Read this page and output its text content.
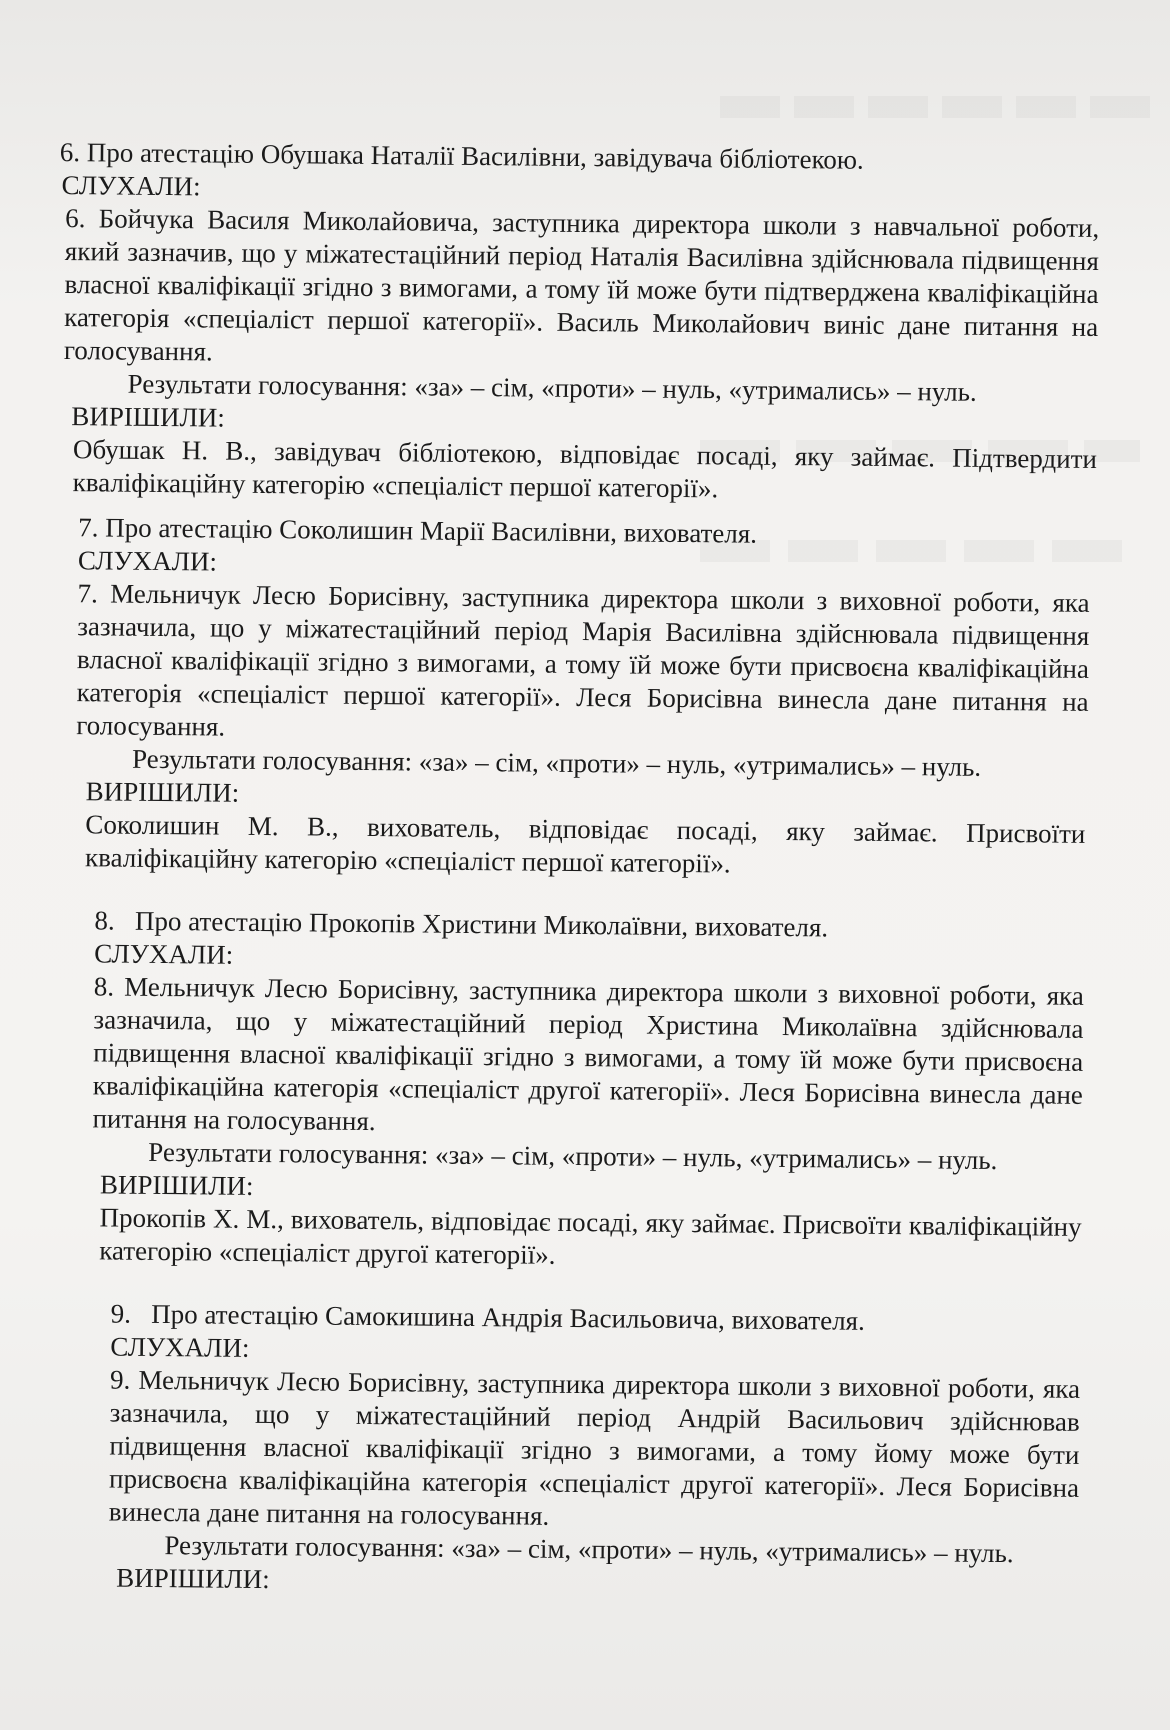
6. Про атестацію Обушака Наталії Василівни, завідувача бібліотекою.
СЛУХАЛИ:

6. Бойчука Василя Миколайовича, заступника директора школи з навчальної роботи, який зазначив, що у міжатестаційний період Наталія Василівна здійснювала підвищення власної кваліфікації згідно з вимогами, а тому їй може бути підтверджена кваліфікаційна категорія «спеціаліст першої категорії». Василь Миколайович виніс дане питання на голосування.

Результати голосування: «за» – сім, «проти» – нуль, «утримались» – нуль.
ВИРІШИЛИ:

Обушак Н. В., завідувач бібліотекою, відповідає посаді, яку займає. Підтвердити кваліфікаційну категорію «спеціаліст першої категорії».

7. Про атестацію Соколишин Марії Василівни, вихователя.
СЛУХАЛИ:

7. Мельничук Лесю Борисівну, заступника директора школи з виховної роботи, яка зазначила, що у міжатестаційний період Марія Василівна здійснювала підвищення власної кваліфікації згідно з вимогами, а тому їй може бути присвоєна кваліфікаційна категорія «спеціаліст першої категорії». Леся Борисівна винесла дане питання на голосування.

Результати голосування: «за» – сім, «проти» – нуль, «утримались» – нуль.
ВИРІШИЛИ:

Соколишин М. В., вихователь, відповідає посаді, яку займає. Присвоїти кваліфікаційну категорію «спеціаліст першої категорії».

8.   Про атестацію Прокопів Христини Миколаївни, вихователя.
СЛУХАЛИ:

8. Мельничук Лесю Борисівну, заступника директора школи з виховної роботи, яка зазначила, що у міжатестаційний період Христина Миколаївна здійснювала підвищення власної кваліфікації згідно з вимогами, а тому їй може бути присвоєна кваліфікаційна категорія «спеціаліст другої категорії». Леся Борисівна винесла дане питання на голосування.

Результати голосування: «за» – сім, «проти» – нуль, «утримались» – нуль.
ВИРІШИЛИ:

Прокопів Х. М., вихователь, відповідає посаді, яку займає. Присвоїти кваліфікаційну категорію «спеціаліст другої категорії».

9.   Про атестацію Самокишина Андрія Васильовича, вихователя.
СЛУХАЛИ:

9. Мельничук Лесю Борисівну, заступника директора школи з виховної роботи, яка зазначила, що у міжатестаційний період Андрій Васильович здійснював підвищення власної кваліфікації згідно з вимогами, а тому йому може бути присвоєна кваліфікаційна категорія «спеціаліст другої категорії». Леся Борисівна винесла дане питання на голосування.

Результати голосування: «за» – сім, «проти» – нуль, «утримались» – нуль.
ВИРІШИЛИ:
